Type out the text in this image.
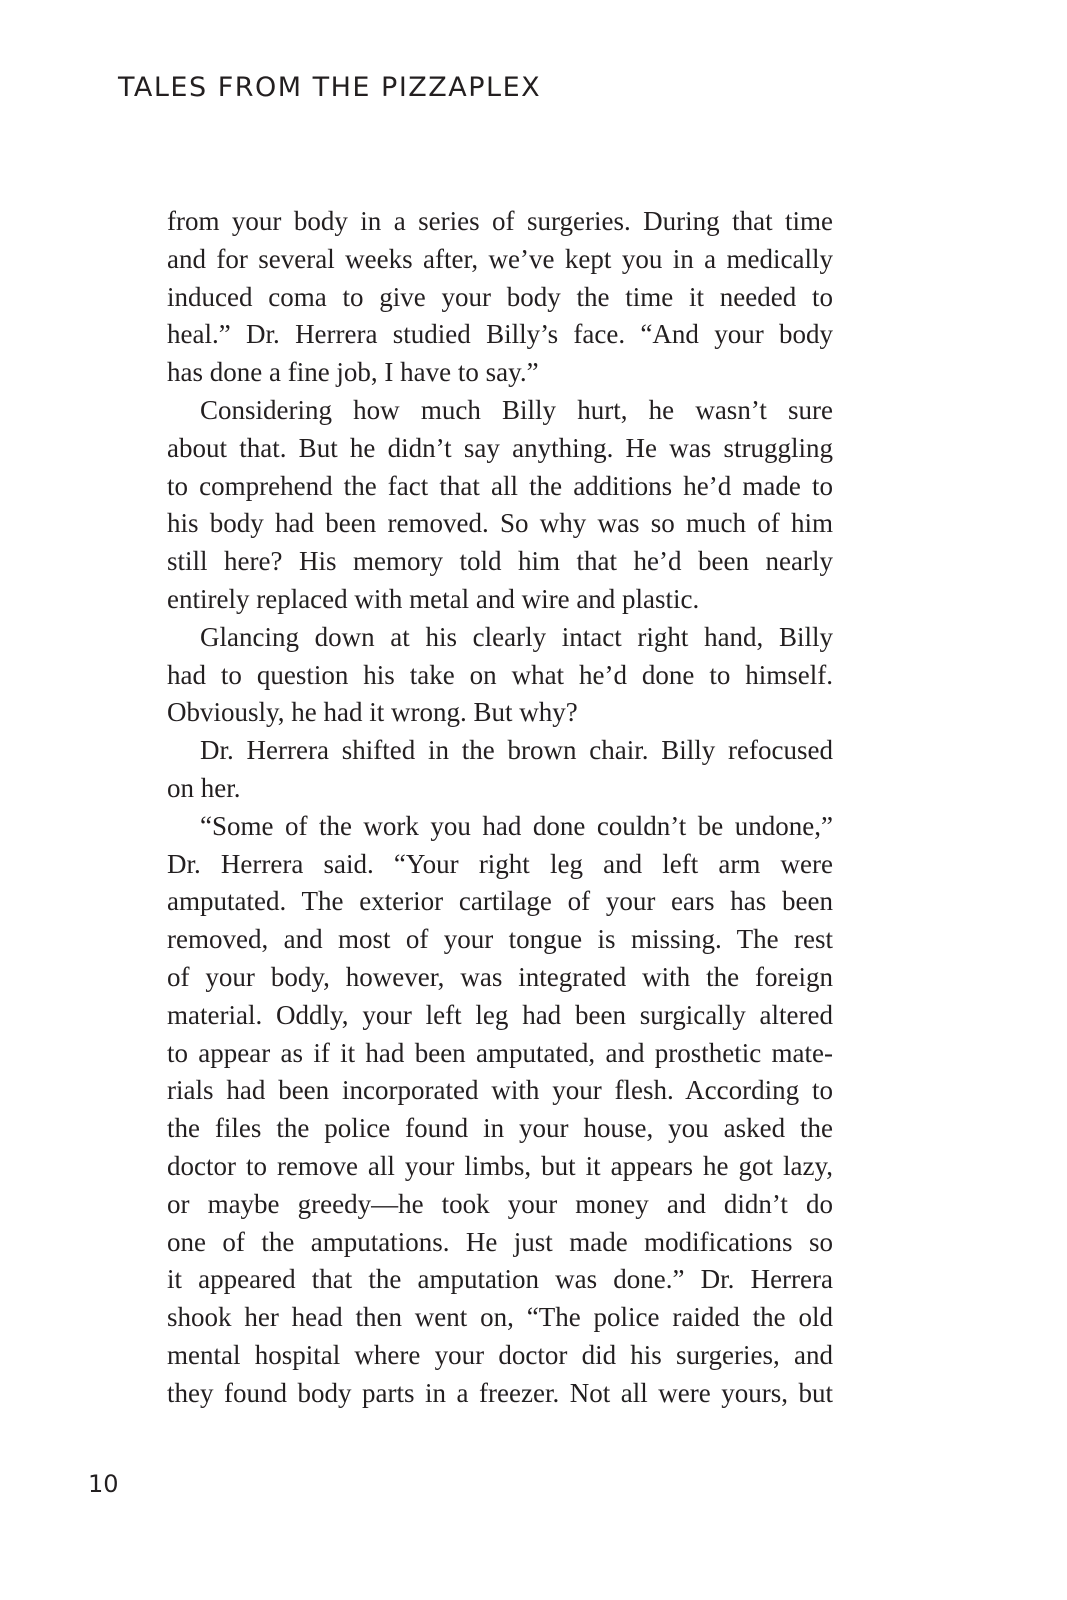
TALES FROM THE PIZZAPLEX
from your body in a series of surgeries. During that time
and for several weeks after, we’ve kept you in a medically
induced coma to give your body the time it needed to
heal.” Dr. Herrera studied Billy’s face. “And your body
has done a fine job, I have to say.”
Considering how much Billy hurt, he wasn’t sure
about that. But he didn’t say anything. He was struggling
to comprehend the fact that all the additions he’d made to
his body had been removed. So why was so much of him
still here? His memory told him that he’d been nearly
entirely replaced with metal and wire and plastic.
Glancing down at his clearly intact right hand, Billy
had to question his take on what he’d done to himself.
Obviously, he had it wrong. But why?
Dr. Herrera shifted in the brown chair. Billy refocused
on her.
“Some of the work you had done couldn’t be undone,”
Dr. Herrera said. “Your right leg and left arm were
amputated. The exterior cartilage of your ears has been
removed, and most of your tongue is missing. The rest
of your body, however, was integrated with the foreign
material. Oddly, your left leg had been surgically altered
to appear as if it had been amputated, and prosthetic mate-
rials had been incorporated with your flesh. According to
the files the police found in your house, you asked the
doctor to remove all your limbs, but it appears he got lazy,
or maybe greedy—he took your money and didn’t do
one of the amputations. He just made modifications so
it appeared that the amputation was done.” Dr. Herrera
shook her head then went on, “The police raided the old
mental hospital where your doctor did his surgeries, and
they found body parts in a freezer. Not all were yours, but
10
